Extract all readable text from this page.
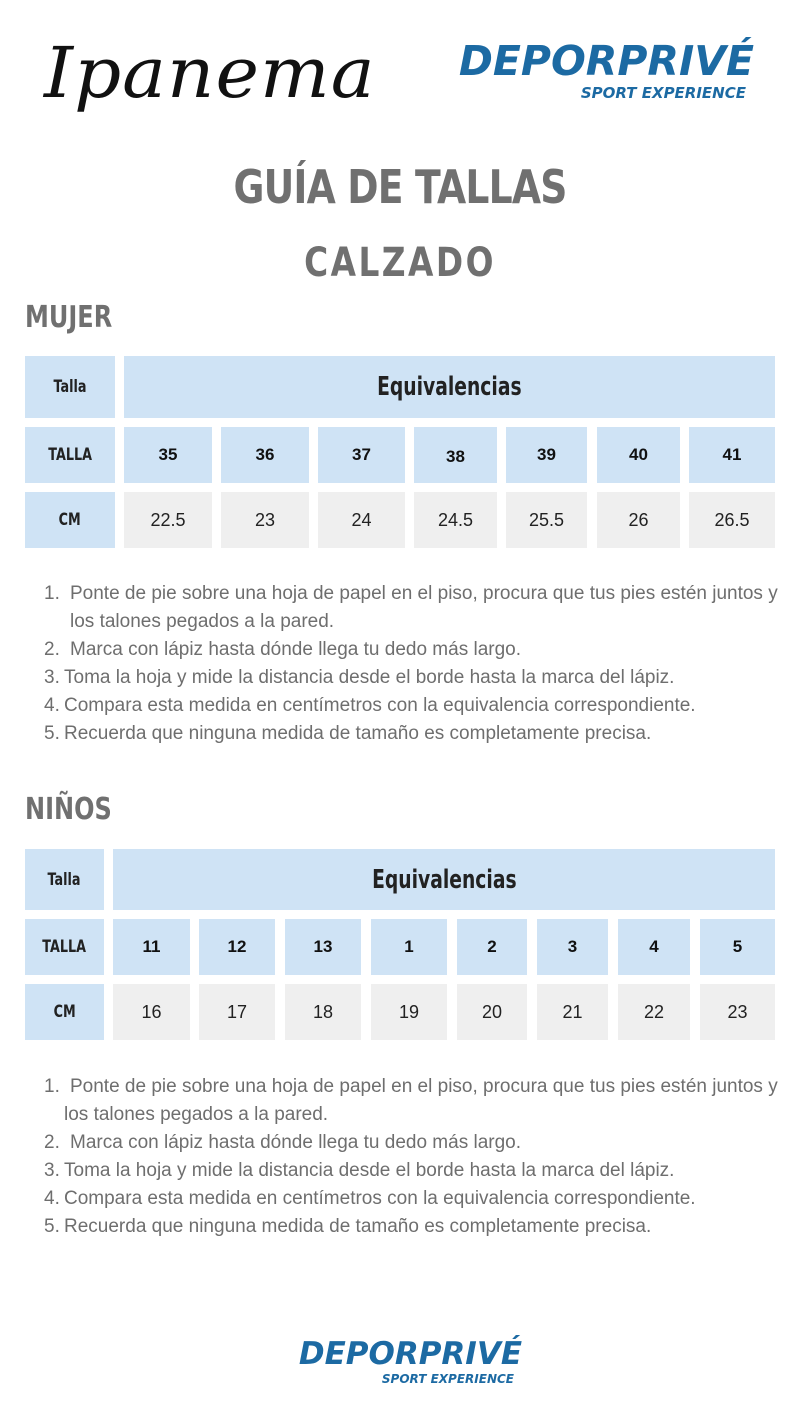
Ipanema	DEPORPRIVÉ
SPORT EXPERIENCE
GUÍA DE TALLAS
CALZADO
MUJER
Talla	Equivalencias
TALLA	35	36	37	38	39	40	41
CM	22.5	23	24	24.5	25.5	26	26.5
1. Ponte de pie sobre una hoja de papel en el piso, procura que tus pies estén juntos y los talones pegados a la pared.
2. Marca con lápiz hasta dónde llega tu dedo más largo.
3. Toma la hoja y mide la distancia desde el borde hasta la marca del lápiz.
4. Compara esta medida en centímetros con la equivalencia correspondiente.
5. Recuerda que ninguna medida de tamaño es completamente precisa.
NIÑOS
Talla	Equivalencias
TALLA	11	12	13	1	2	3	4	5
CM	16	17	18	19	20	21	22	23
1. Ponte de pie sobre una hoja de papel en el piso, procura que tus pies estén juntos y los talones pegados a la pared.
2. Marca con lápiz hasta dónde llega tu dedo más largo.
3. Toma la hoja y mide la distancia desde el borde hasta la marca del lápiz.
4. Compara esta medida en centímetros con la equivalencia correspondiente.
5. Recuerda que ninguna medida de tamaño es completamente precisa.
DEPORPRIVÉ
SPORT EXPERIENCE
